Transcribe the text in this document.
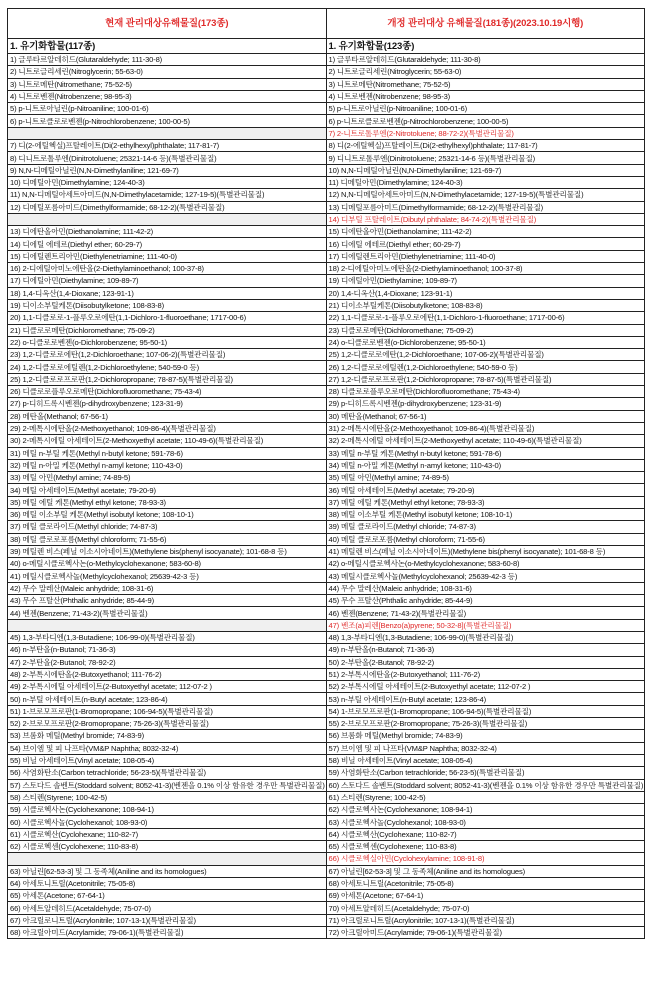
현재 관리대상유해물질(173종)	개정 관리대상 유해물질(181종)(2023.10.19시행)
1. 유기화합물(117종)	1. 유기화합물(123종)
1) 글루타르알데히드(Glutaraldehyde; 111-30-8)	1) 글루타르알데히드(Glutaraldehyde; 111-30-8)
2) 니트로글리세린(Nitroglycerin; 55-63-0)	2) 니트로글리세린(Nitroglycerin; 55-63-0)
3) 니트로메탄(Nitromethane; 75-52-5)	3) 니트로메탄(Nitromethane; 75-52-5)
4) 니트로벤젠(Nitrobenzene; 98-95-3)	4) 니트로벤젠(Nitrobenzene; 98-95-3)
5) p-니트로아닐린(p-Nitroaniline; 100-01-6)	5) p-니트로아닐린(p-Nitroaniline; 100-01-6)
6) p-니트로클로로벤젠(p-Nitrochlorobenzene; 100-00-5)	6) p-니트로클로로벤젠(p-Nitrochlorobenzene; 100-00-5)
	7) 2-니트로톨루엔(2-Nitrotoluene; 88-72-2)(특별관리물질)
7) 디(2-에틸헥실)프탈레이트(Di(2-ethylhexyl)phthalate; 117-81-7)	8) 디(2-에틸헥실)프탈레이트(Di(2-ethylhexyl)phthalate; 117-81-7)
8) 디니트로톨루엔(Dinitrotoluene; 25321-14-6 등)(특별관리물질)	9) 디니트로톨루엔(Dinitrotoluene; 25321-14-6 등)(특별관리물질)
9) N,N-디메틸아닐린(N,N-Dimethylaniline; 121-69-7)	10) N,N-디메틸아닐린(N,N-Dimethylaniline; 121-69-7)
10) 디메틸아민(Dimethylamine; 124-40-3)	11) 디메틸아민(Dimethylamine; 124-40-3)
11) N,N-디메틸아세트아미드(N,N-Dimethylacetamide; 127-19-5)(특별관리물질)	12) N,N-디메틸아세트아미드(N,N-Dimethylacetamide; 127-19-5)(특별관리물질)
12) 디메틸포름아미드(Dimethylformamide; 68-12-2)(특별관리물질)	13) 디메틸포름아미드(Dimethylformamide; 68-12-2)(특별관리물질)
	14) 디부틸 프탈레이트(Dibutyl phthalate; 84-74-2)(특별관리물질)
13) 디에탄올아민(Diethanolamine; 111-42-2)	15) 디에탄올아민(Diethanolamine; 111-42-2)
14) 디에틸 에테르(Diethyl ether; 60-29-7)	16) 디에틸 에테르(Diethyl ether; 60-29-7)
15) 디에틸렌트리아민(Diethylenetriamine; 111-40-0)	17) 디에틸렌트리아민(Diethylenetriamine; 111-40-0)
16) 2-디에틸아미노에탄올(2-Diethylaminoethanol; 100-37-8)	18) 2-디에틸아미노에탄올(2-Diethylaminoethanol; 100-37-8)
17) 디에틸아민(Diethylamine; 109-89-7)	19) 디에틸아민(Diethylamine; 109-89-7)
18) 1,4-디옥산(1,4-Dioxane; 123-91-1)	20) 1,4-디옥산(1,4-Dioxane; 123-91-1)
19) 디이소부틸케톤(Diisobutylketone; 108-83-8)	21) 디이소부틸케톤(Diisobutylketone; 108-83-8)
20) 1,1-디클로로-1-플루오로에탄(1,1-Dichloro-1-fluoroethane; 1717-00-6)	22) 1,1-디클로로-1-플루오로에탄(1,1-Dichloro-1-fluoroethane; 1717-00-6)
21) 디클로로메탄(Dichloromethane; 75-09-2)	23) 디클로로메탄(Dichloromethane; 75-09-2)
22) o-디클로로벤젠(o-Dichlorobenzene; 95-50-1)	24) o-디클로로벤젠(o-Dichlorobenzene; 95-50-1)
23) 1,2-디클로로에탄(1,2-Dichloroethane; 107-06-2)(특별관리물질)	25) 1,2-디클로로에탄(1,2-Dichloroethane; 107-06-2)(특별관리물질)
24) 1,2-디클로로에틸렌(1,2-Dichloroethylene; 540-59-0 등)	26) 1,2-디클로로에틸렌(1,2-Dichloroethylene; 540-59-0 등)
25) 1,2-디클로로프로판(1,2-Dichloropropane; 78-87-5)(특별관리물질)	27) 1,2-디클로로프로판(1,2-Dichloropropane; 78-87-5)(특별관리물질)
26) 디클로로플루오로메탄(Dichlorofluoromethane; 75-43-4)	28) 디클로로플루오로메탄(Dichlorofluoromethane; 75-43-4)
27) p-디히드록시벤젠(p-dihydroxybenzene; 123-31-9)	29) p-디히드록시벤젠(p-dihydroxybenzene; 123-31-9)
28) 메탄올(Methanol; 67-56-1)	30) 메탄올(Methanol; 67-56-1)
29) 2-메톡시에탄올(2-Methoxyethanol; 109-86-4)(특별관리물질)	31) 2-메톡시에탄올(2-Methoxyethanol; 109-86-4)(특별관리물질)
30) 2-메톡시에틸 아세테이트(2-Methoxyethyl acetate; 110-49-6)(특별관리물질)	32) 2-메톡시에틸 아세테이트(2-Methoxyethyl acetate; 110-49-6)(특별관리물질)
31) 메틸 n-부틸 케톤(Methyl n-butyl ketone; 591-78-6)	33) 메틸 n-부틸 케톤(Methyl n-butyl ketone; 591-78-6)
32) 메틸 n-아밀 케톤(Methyl n-amyl ketone; 110-43-0)	34) 메틸 n-아밀 케톤(Methyl n-amyl ketone; 110-43-0)
33) 메틸 아민(Methyl amine; 74-89-5)	35) 메틸 아민(Methyl amine; 74-89-5)
34) 메틸 아세테이트(Methyl acetate; 79-20-9)	36) 메틸 아세테이트(Methyl acetate; 79-20-9)
35) 메틸 에틸 케톤(Methyl ethyl ketone; 78-93-3)	37) 메틸 에틸 케톤(Methyl ethyl ketone; 78-93-3)
36) 메틸 이소부틸 케톤(Methyl isobutyl ketone; 108-10-1)	38) 메틸 이소부틸 케톤(Methyl isobutyl ketone; 108-10-1)
37) 메틸 클로라이드(Methyl chloride; 74-87-3)	39) 메틸 클로라이드(Methyl chloride; 74-87-3)
38) 메틸 클로로포름(Methyl chloroform; 71-55-6)	40) 메틸 클로로포름(Methyl chloroform; 71-55-6)
39) 메틸렌 비스(페닐 이소시아네이트)(Methylene bis(phenyl isocyanate); 101-68-8 등)	41) 메틸렌 비스(페닐 이소시아네이트)(Methylene bis(phenyl isocyanate); 101-68-8 등)
40) o-메틸시클로헥사논(o-Methylcyclohexanone; 583-60-8)	42) o-메틸시클로헥사논(o-Methylcyclohexanone; 583-60-8)
41) 메틸시클로헥사놀(Methylcyclohexanol; 25639-42-3 등)	43) 메틸시클로헥사놀(Methylcyclohexanol; 25639-42-3 등)
42) 무수 말레산(Maleic anhydride; 108-31-6)	44) 무수 말레산(Maleic anhydride; 108-31-6)
43) 무수 프탈산(Phthalic anhydride; 85-44-9)	45) 무수 프탈산(Phthalic anhydride; 85-44-9)
44) 벤젠(Benzene; 71-43-2)(특별관리물질)	46) 벤젠(Benzene; 71-43-2)(특별관리물질)
	47) 벤조(a)피렌[Benzo(a)pyrene; 50-32-8](특별관리물질)
45) 1,3-부타디엔(1,3-Butadiene; 106-99-0)(특별관리물질)	48) 1,3-부타디엔(1,3-Butadiene; 106-99-0)(특별관리물질)
46) n-부탄올(n-Butanol; 71-36-3)	49) n-부탄올(n-Butanol; 71-36-3)
47) 2-부탄올(2-Butanol; 78-92-2)	50) 2-부탄올(2-Butanol; 78-92-2)
48) 2-부톡시에탄올(2-Butoxyethanol; 111-76-2)	51) 2-부톡시에탄올(2-Butoxyethanol; 111-76-2)
49) 2-부톡시에틸 아세테이트(2-Butoxyethyl acetate; 112-07-2 )	52) 2-부톡시에틸 아세테이트(2-Butoxyethyl acetate; 112-07-2 )
50) n-부틸 아세테이트(n-Butyl acetate; 123-86-4)	53) n-부틸 아세테이트(n-Butyl acetate; 123-86-4)
51) 1-브로모프로판(1-Bromopropane; 106-94-5)(특별관리물질)	54) 1-브로모프로판(1-Bromopropane; 106-94-5)(특별관리물질)
52) 2-브로모프로판(2-Bromopropane; 75-26-3)(특별관리물질)	55) 2-브로모프로판(2-Bromopropane; 75-26-3)(특별관리물질)
53) 브롬화 메틸(Methyl bromide; 74-83-9)	56) 브롬화 메틸(Methyl bromide; 74-83-9)
54) 브이엠 및 피 나프타(VM&P Naphtha; 8032-32-4)	57) 브이엠 및 피 나프타(VM&P Naphtha; 8032-32-4)
55) 비닐 아세테이트(Vinyl acetate; 108-05-4)	58) 비닐 아세테이트(Vinyl acetate; 108-05-4)
56) 사염화탄소(Carbon tetrachloride; 56-23-5)(특별관리물질)	59) 사염화탄소(Carbon tetrachloride; 56-23-5)(특별관리물질)
57) 스토다드 솔벤트(Stoddard solvent; 8052-41-3)(벤젠을 0.1% 이상 함유한 경우만 특별관리물질)	60) 스토다드 솔벤트(Stoddard solvent; 8052-41-3)(벤젠을 0.1% 이상 함유한 경우만 특별관리물질)
58) 스티렌(Styrene; 100-42-5)	61) 스티렌(Styrene; 100-42-5)
59) 시클로헥사논(Cyclohexanone; 108-94-1)	62) 시클로헥사논(Cyclohexanone; 108-94-1)
60) 시클로헥사놀(Cyclohexanol; 108-93-0)	63) 시클로헥사놀(Cyclohexanol; 108-93-0)
61) 시클로헥산(Cyclohexane; 110-82-7)	64) 시클로헥산(Cyclohexane; 110-82-7)
62) 시클로헥센(Cyclohexene; 110-83-8)	65) 시클로헥센(Cyclohexene; 110-83-8)
	66) 시클로헥실아민(Cyclohexylamine; 108-91-8)
63) 아닐린[62-53-3] 및 그 동족체(Aniline and its homologues)	67) 아닐린[62-53-3] 및 그 동족체(Aniline and its homologues)
64) 아세토니트릴(Acetonitrile; 75-05-8)	68) 아세토니트릴(Acetonitrile; 75-05-8)
65) 아세톤(Acetone; 67-64-1)	69) 아세톤(Acetone; 67-64-1)
66) 아세트알데히드(Acetaldehyde; 75-07-0)	70) 아세트알데히드(Acetaldehyde; 75-07-0)
67) 아크릴로니트릴(Acrylonitrile; 107-13-1)(특별관리물질)	71) 아크릴로니트릴(Acrylonitrile; 107-13-1)(특별관리물질)
68) 아크릴아미드(Acrylamide; 79-06-1)(특별관리물질)	72) 아크릴아미드(Acrylamide; 79-06-1)(특별관리물질)
